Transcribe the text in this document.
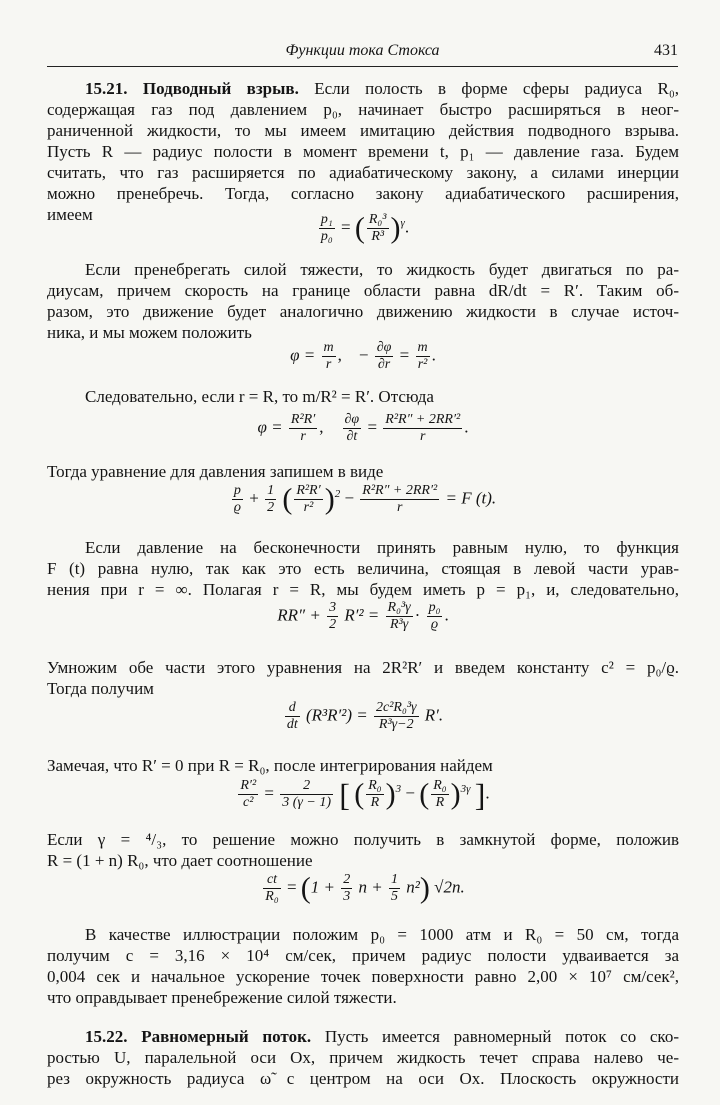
Функции тока Стокса	431
15.21. Подводный взрыв. Если полость в форме сферы радиуса R₀,
содержащая газ под давлением p₀, начинает быстро расширяться в неог-
раниченной жидкости, то мы имеем имитацию действия подводного взрыва.
Пусть R — радиус полости в момент времени t, p₁ — давление газа. Будем
считать, что газ расширяется по адиабатическому закону, а силами инерции
можно пренебречь. Тогда, согласно закону адиабатического расширения,
имеем	$\frac{\text{p₁}}{\text{p₀}}$ = ( $\frac{\text{R₀³}}{\text{R³}} )^\gamma$.
Если пренебрегать силой тяжести, то жидкость будет двигаться по ра-
диусам, причем скорость на границе области равна dR/dt = R′. Таким об-
разом, это движение будет аналогично движению жидкости в случае источ-
ника, и мы можем положить
$\varphi = \frac{m}{r}$ , − $\frac{\partial\varphi}{\partial r} = \frac{m}{\text{r²}}$ .
Следовательно, если r = R, то m/R² = R′. Отсюда
$\varphi = \frac{\text{R²R′}}{r}$ , $\frac{\partial\varphi}{\partial t} = \frac{\text{R²R″ + 2RR′²}}{r}$ .
Тогда уравнение для давления запишем в виде
$\frac{p}{ϱ} + \frac{1}{2}$ ( $\frac{\text{R²R′}}{\text{r²}} )^2 - \frac{\text{R²R″ + 2RR′²}}{r} = F$ (t).
Если давление на бесконечности принять равным нулю, то функция
F (t) равна нулю, так как это есть величина, стоящая в левой части урав-
нения при r = ∞. Полагая r = R, мы будем иметь p = p₁, и, следовательно,
$RR'' + \frac{3}{2} R'^2 = \frac{\text{R₀³γ}}{\text{R³γ}} \cdot \frac{\text{p₀}}{ϱ}$ .
Умножим обе части этого уравнения на 2R²R′ и введем константу c² = p₀/ϱ.
Тогда получим
$\frac{d}{dt} (R^3R'^2) = \frac{\text{2c²R₀³γ}}{\text{R³γ−2}} R'$.
Замечая, что R′ = 0 при R = R₀, после интегрирования найдем
$\frac{\text{R′²}}{\text{c²}} = \frac{2}{3 (\gamma - 1)}$ [ ( $\frac{\text{R₀}}{R} )^3$ − ( $\frac{\text{R₀}}{R} )^{3\gamma}$ ].
Если γ = ⁴/₃, то решение можно получить в замкнутой форме, положив
R = (1 + n) R₀, что дает соотношение
$\frac{ct}{\text{R₀}} = (1 + \frac{2}{3}$ $n + \frac{1}{5} n^2$) √2n.
В качестве иллюстрации положим p₀ = 1000 атм и R₀ = 50 см, тогда
получим c = 3,16 × 10⁴ см/сек, причем радиус полости удваивается за
0,004 сек и начальное ускорение точек поверхности равно 2,00 × 10⁷ см/сек²,
что оправдывает пренебрежение силой тяжести.
15.22. Равномерный поток. Пусть имеется равномерный поток со ско-
ростью U, паралельной оси Ox, причем жидкость течет справа налево че-
рез окружность радиуса ω̃ с центром на оси Ox. Плоскость окружности
